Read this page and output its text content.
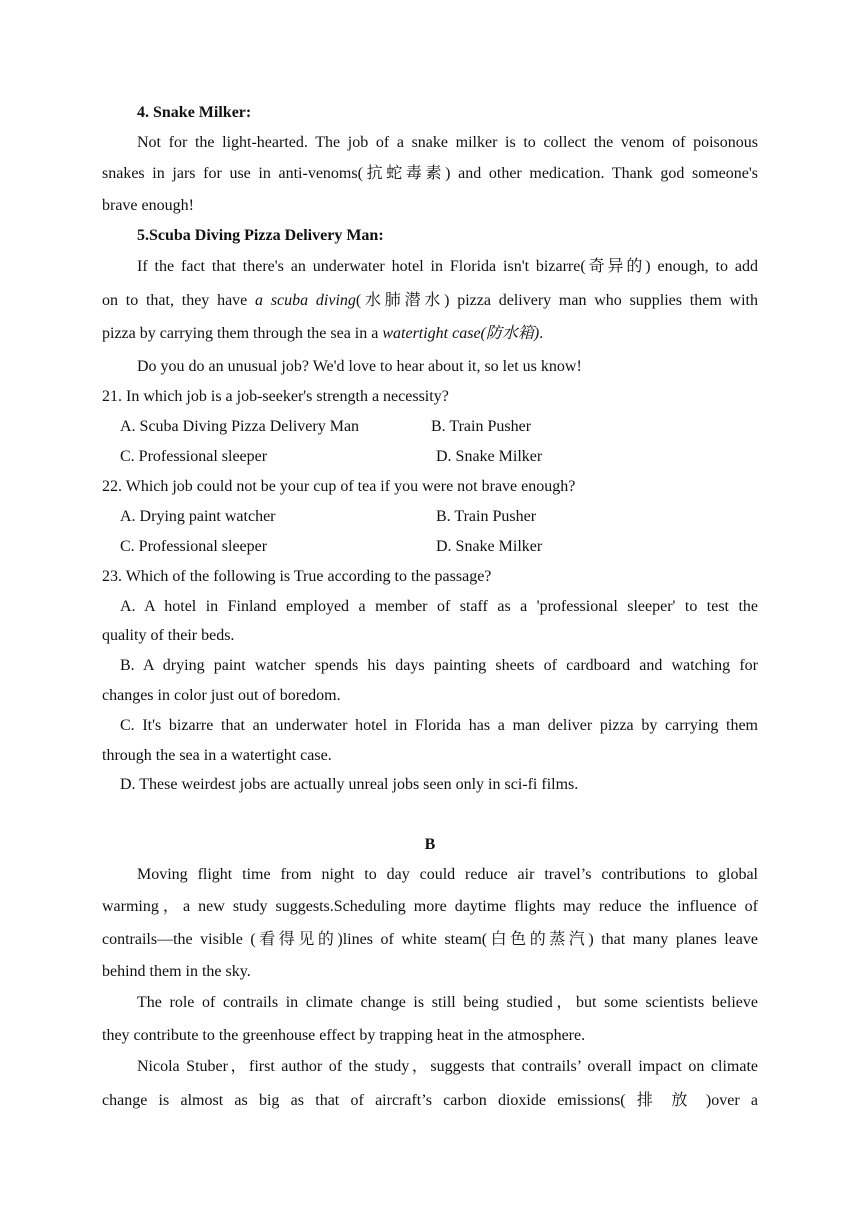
4. Snake Milker:
Not for the light-hearted. The job of a snake milker is to collect the venom of poisonous
snakes in jars for use in anti-venoms(抗蛇毒素) and other medication. Thank god someone's
brave enough!
5.Scuba Diving Pizza Delivery Man:
If the fact that there's an underwater hotel in Florida isn't bizarre(奇异的) enough, to add
on to that, they have a scuba diving(水肺潜水) pizza delivery man who supplies them with
pizza by carrying them through the sea in a watertight case(防水箱).
Do you do an unusual job? We'd love to hear about it, so let us know!
21. In which job is a job-seeker's strength a necessity?
A. Scuba Diving Pizza Delivery Man	B. Train Pusher
C. Professional sleeper	D. Snake Milker
22. Which job could not be your cup of tea if you were not brave enough?
A. Drying paint watcher	B. Train Pusher
C. Professional sleeper	D. Snake Milker
23. Which of the following is True according to the passage?
A. A hotel in Finland employed a member of staff as a 'professional sleeper' to test the
quality of their beds.
B. A drying paint watcher spends his days painting sheets of cardboard and watching for
changes in color just out of boredom.
C. It's bizarre that an underwater hotel in Florida has a man deliver pizza by carrying them
through the sea in a watertight case.
D. These weirdest jobs are actually unreal jobs seen only in sci-fi films.
B
Moving flight time from night to day could reduce air travel’s contributions to global
warming，a new study suggests.Scheduling more daytime flights may reduce the influence of
contrails—the visible (看得见的)lines of white steam(白色的蒸汽) that many planes leave
behind them in the sky.
The role of contrails in climate change is still being studied，but some scientists believe
they contribute to the greenhouse effect by trapping heat in the atmosphere.
Nicola Stuber，first author of the study，suggests that contrails’ overall impact on climate
change is almost as big as that of aircraft’s carbon dioxide emissions( 排 放 )over a
